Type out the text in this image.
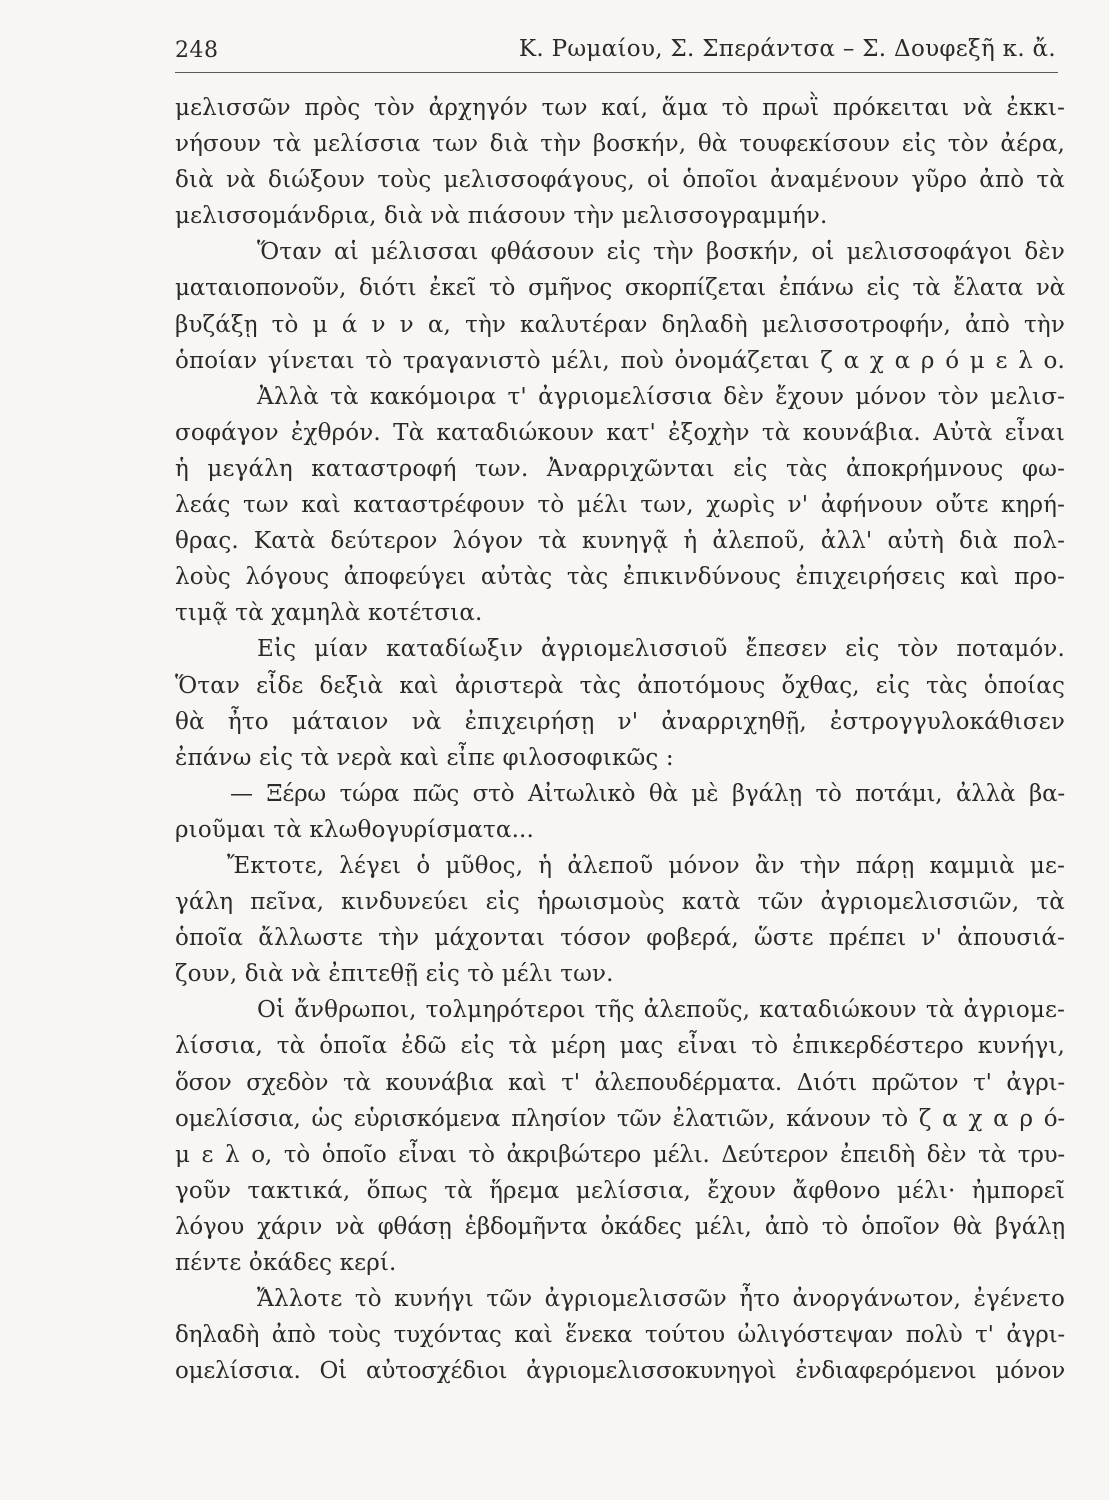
248	Κ. Ρωμαίου, Σ. Σπεράντσα – Σ. Δουφεξῆ κ. ἄ.
μελισσῶν πρὸς τὸν ἀρχηγόν των καί, ἅμα τὸ πρωῒ πρόκειται νὰ ἐκκι-
νήσουν τὰ μελίσσια των διὰ τὴν βοσκήν, θὰ τουφεκίσουν εἰς τὸν ἀέρα,
διὰ νὰ διώξουν τοὺς μελισσοφάγους, οἱ ὁποῖοι ἀναμένουν γῦρο ἀπὸ τὰ
μελισσομάνδρια, διὰ νὰ πιάσουν τὴν μελισσογραμμήν.
Ὅταν αἱ μέλισσαι φθάσουν εἰς τὴν βοσκήν, οἱ μελισσοφάγοι δὲν
ματαιοπονοῦν, διότι ἐκεῖ τὸ σμῆνος σκορπίζεται ἐπάνω εἰς τὰ ἔλατα νὰ
βυζάξῃ τὸ μ ά ν ν α, τὴν καλυτέραν δηλαδὴ μελισσοτροφήν, ἀπὸ τὴν
ὁποίαν γίνεται τὸ τραγανιστὸ μέλι, ποὺ ὀνομάζεται ζ α χ α ρ ό μ ε λ ο.
Ἀλλὰ τὰ κακόμοιρα τ' ἀγριομελίσσια δὲν ἔχουν μόνον τὸν μελισ-
σοφάγον ἐχθρόν. Τὰ καταδιώκουν κατ' ἐξοχὴν τὰ κουνάβια. Αὐτὰ εἶναι
ἡ μεγάλη καταστροφή των. Ἀναρριχῶνται εἰς τὰς ἀποκρήμνους φω-
λεάς των καὶ καταστρέφουν τὸ μέλι των, χωρὶς ν' ἀφήνουν οὔτε κηρή-
θρας. Κατὰ δεύτερον λόγον τὰ κυνηγᾷ ἡ ἀλεποῦ, ἀλλ' αὐτὴ διὰ πολ-
λοὺς λόγους ἀποφεύγει αὐτὰς τὰς ἐπικινδύνους ἐπιχειρήσεις καὶ προ-
τιμᾷ τὰ χαμηλὰ κοτέτσια.
Εἰς μίαν καταδίωξιν ἀγριομελισσιοῦ ἔπεσεν εἰς τὸν ποταμόν.
Ὅταν εἶδε δεξιὰ καὶ ἀριστερὰ τὰς ἀποτόμους ὄχθας, εἰς τὰς ὁποίας
θὰ ἦτο μάταιον νὰ ἐπιχειρήσῃ ν' ἀναρριχηθῇ, ἐστρογγυλοκάθισεν
ἐπάνω εἰς τὰ νερὰ καὶ εἶπε φιλοσοφικῶς :
— Ξέρω τώρα πῶς στὸ Αἰτωλικὸ θὰ μὲ βγάλῃ τὸ ποτάμι, ἀλλὰ βα-
ριοῦμαι τὰ κλωθογυρίσματα...
Ἔκτοτε, λέγει ὁ μῦθος, ἡ ἀλεποῦ μόνον ἂν τὴν πάρῃ καμμιὰ με-
γάλη πεῖνα, κινδυνεύει εἰς ἡρωισμοὺς κατὰ τῶν ἀγριομελισσιῶν, τὰ
ὁποῖα ἄλλωστε τὴν μάχονται τόσον φοβερά, ὥστε πρέπει ν' ἀπουσιά-
ζουν, διὰ νὰ ἐπιτεθῇ εἰς τὸ μέλι των.
Οἱ ἄνθρωποι, τολμηρότεροι τῆς ἀλεποῦς, καταδιώκουν τὰ ἀγριομε-
λίσσια, τὰ ὁποῖα ἐδῶ εἰς τὰ μέρη μας εἶναι τὸ ἐπικερδέστερο κυνήγι,
ὅσον σχεδὸν τὰ κουνάβια καὶ τ' ἀλεπουδέρματα. Διότι πρῶτον τ' ἀγρι-
ομελίσσια, ὡς εὑρισκόμενα πλησίον τῶν ἐλατιῶν, κάνουν τὸ ζ α χ α ρ ό-
μ ε λ ο, τὸ ὁποῖο εἶναι τὸ ἀκριβώτερο μέλι. Δεύτερον ἐπειδὴ δὲν τὰ τρυ-
γοῦν τακτικά, ὅπως τὰ ἥρεμα μελίσσια, ἔχουν ἄφθονο μέλι· ἠμπορεῖ
λόγου χάριν νὰ φθάσῃ ἑβδομῆντα ὀκάδες μέλι, ἀπὸ τὸ ὁποῖον θὰ βγάλῃ
πέντε ὀκάδες κερί.
Ἄλλοτε τὸ κυνήγι τῶν ἀγριομελισσῶν ἦτο ἀνοργάνωτον, ἐγένετο
δηλαδὴ ἀπὸ τοὺς τυχόντας καὶ ἕνεκα τούτου ὠλιγόστεψαν πολὺ τ' ἀγρι-
ομελίσσια. Οἱ αὐτοσχέδιοι ἀγριομελισσοκυνηγοὶ ἐνδιαφερόμενοι μόνον
